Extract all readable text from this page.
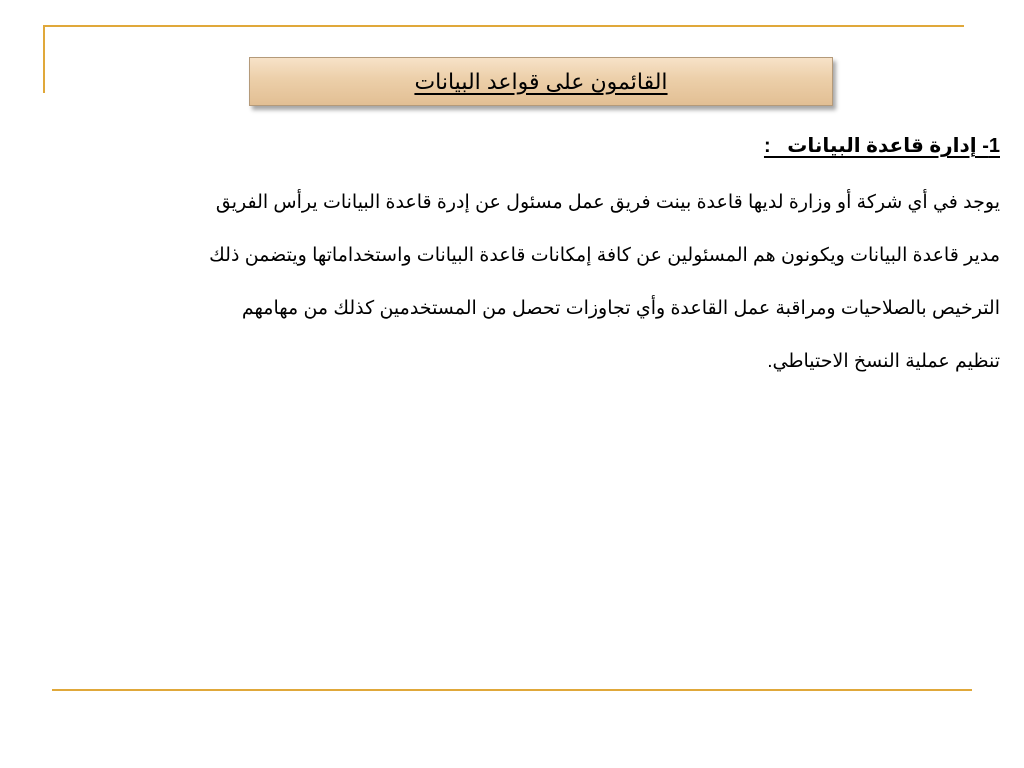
القائمون على قواعد البيانات

1- إدارة قاعدة البيانات   :

يوجد في أي شركة أو وزارة لديها قاعدة بينت فريق عمل مسئول عن إدرة قاعدة البيانات يرأس الفريق

مدير قاعدة البيانات ويكونون هم المسئولين عن كافة إمكانات قاعدة البيانات واستخداماتها ويتضمن ذلك

الترخيص بالصلاحيات ومراقبة عمل القاعدة وأي تجاوزات تحصل من المستخدمين كذلك من مهامهم

تنظيم عملية النسخ الاحتياطي.
